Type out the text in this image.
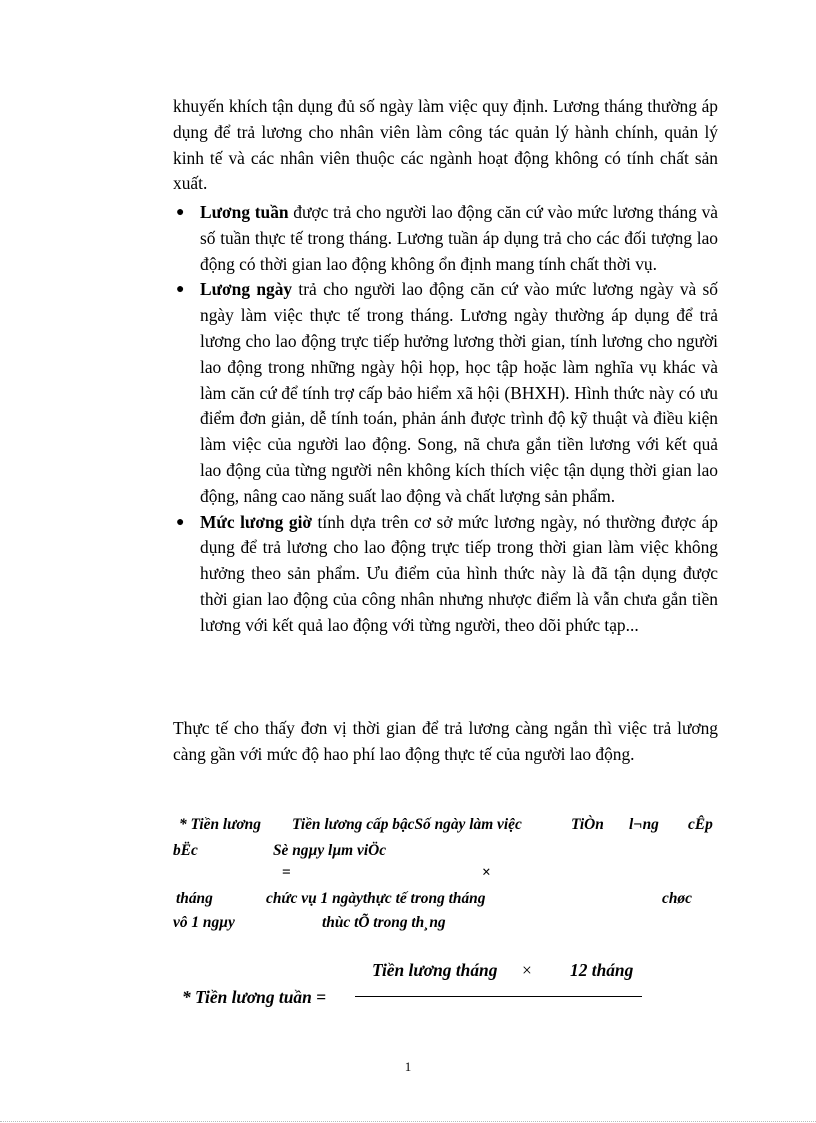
khuyến khích tận dụng đủ số ngày làm việc quy định. Lương tháng thường áp dụng để trả lương cho nhân viên làm công tác quản lý hành chính, quản lý kinh tế và các nhân viên thuộc các ngành hoạt động không có tính chất sản xuất.

● Lương tuần được trả cho người lao động căn cứ vào mức lương tháng và số tuần thực tế trong tháng. Lương tuần áp dụng trả cho các đối tượng lao động có thời gian lao động không ổn định mang tính chất thời vụ.
● Lương ngày trả cho người lao động căn cứ vào mức lương ngày và số ngày làm việc thực tế trong tháng. Lương ngày thường áp dụng để trả lương cho lao động trực tiếp hưởng lương thời gian, tính lương cho người lao động trong những ngày hội họp, học tập hoặc làm nghĩa vụ khác và làm căn cứ để tính trợ cấp bảo hiểm xã hội (BHXH). Hình thức này có ưu điểm đơn giản, dễ tính toán, phản ánh được trình độ kỹ thuật và điều kiện làm việc của người lao động. Song, nã chưa gắn tiền lương với kết quả lao động của từng người nên không kích thích việc tận dụng thời gian lao động, nâng cao năng suất lao động và chất lượng sản phẩm.
● Mức lương giờ tính dựa trên cơ sở mức lương ngày, nó thường được áp dụng để trả lương cho lao động trực tiếp trong thời gian làm việc không hưởng theo sản phẩm. Ưu điểm của hình thức này là đã tận dụng được thời gian lao động của công nhân nhưng nhược điểm là vẫn chưa gắn tiền lương với kết quả lao động với từng người, theo dõi phức tạp...

Thực tế cho thấy đơn vị thời gian để trả lương càng ngắn thì việc trả lương càng gần với mức độ hao phí lao động thực tế của người lao động.

* Tiền lương Tiền lương cấp bậcSố ngày làm việc	TiÒn l¬ng cÊp
bËc	Sè ngµy lµm viÖc
=	×
tháng	chức vụ 1 ngàythực tế trong tháng	chøc
vô 1 ngµy	thùc tÕ trong th¸ng
Tiền lương tháng × 12 tháng
* Tiền lương tuần =
1
